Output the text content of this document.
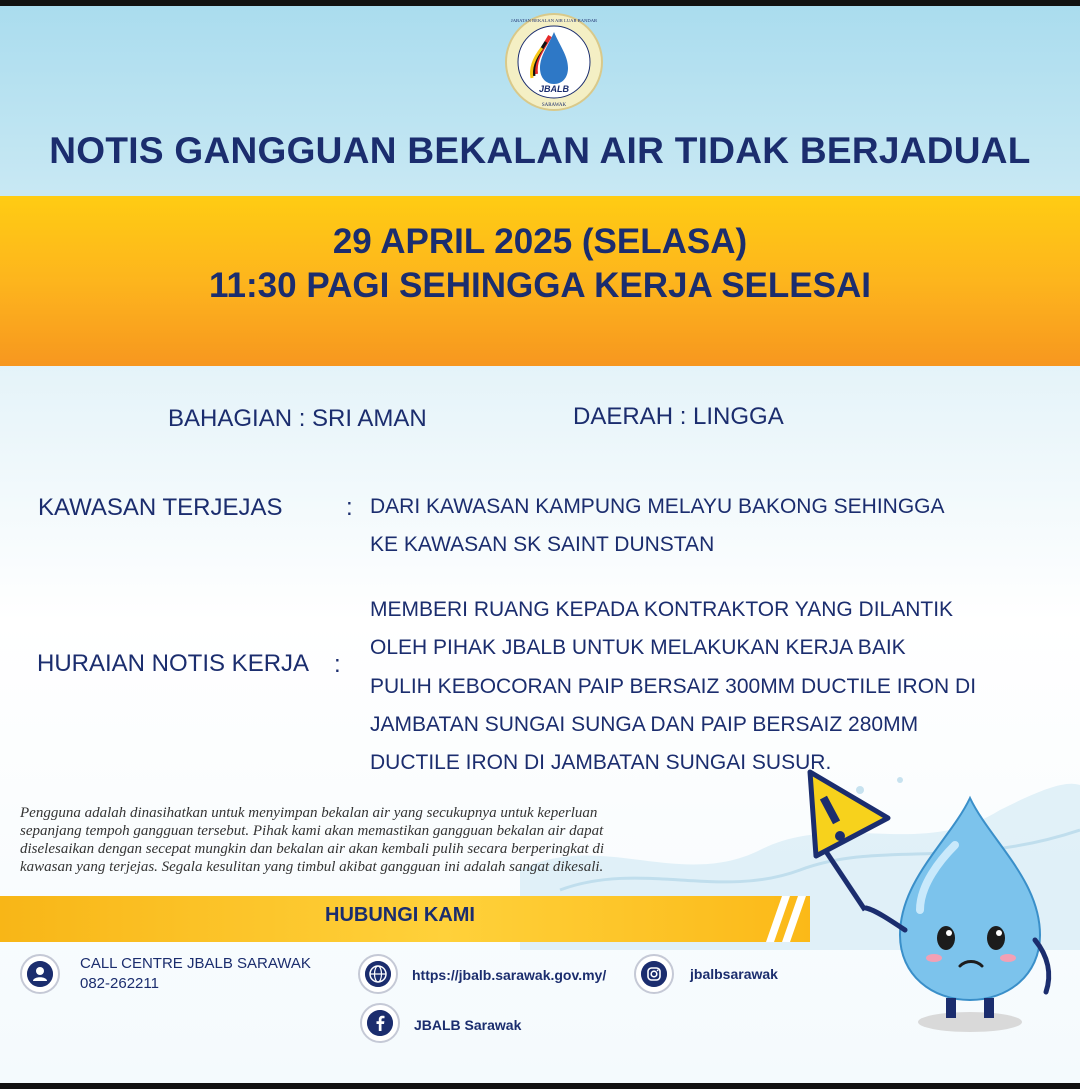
JBALB
SARAWAK
JABATAN BEKALAN AIR LUAR BANDAR
NOTIS GANGGUAN BEKALAN AIR TIDAK BERJADUAL
29 APRIL 2025 (SELASA)
11:30 PAGI SEHINGGA KERJA SELESAI
BAHAGIAN : SRI AMAN	DAERAH : LINGGA
KAWASAN TERJEJAS	: DARI KAWASAN KAMPUNG MELAYU BAKONG SEHINGGA
KE KAWASAN SK SAINT DUNSTAN
HURAIAN NOTIS KERJA :
MEMBERI RUANG KEPADA KONTRAKTOR YANG DILANTIK
OLEH PIHAK JBALB UNTUK MELAKUKAN KERJA BAIK
PULIH KEBOCORAN PAIP BERSAIZ 300MM DUCTILE IRON DI
JAMBATAN SUNGAI SUNGA DAN PAIP BERSAIZ 280MM
DUCTILE IRON DI JAMBATAN SUNGAI SUSUR.
Pengguna adalah dinasihatkan untuk menyimpan bekalan air yang secukupnya untuk keperluan
sepanjang tempoh gangguan tersebut. Pihak kami akan memastikan gangguan bekalan air dapat
diselesaikan dengan secepat mungkin dan bekalan air akan kembali pulih secara berperingkat di
kawasan yang terjejas. Segala kesulitan yang timbul akibat gangguan ini adalah sangat dikesali.
HUBUNGI KAMI
CALL CENTRE JBALB SARAWAK
082-262211	https://jbalb.sarawak.gov.my/	jbalbsarawak
JBALB Sarawak
